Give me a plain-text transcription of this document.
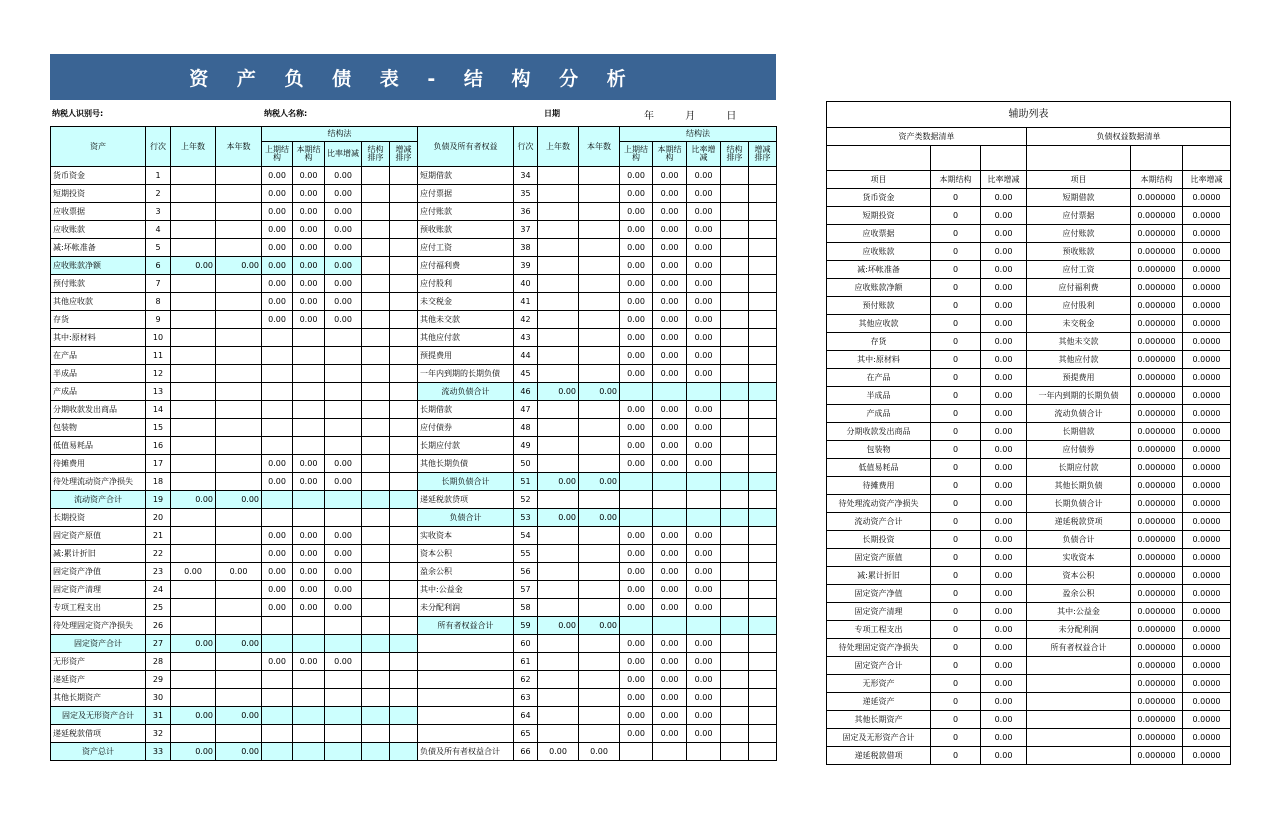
资 产 负 债 表 - 结 构 分 析
纳税人识别号:	纳税人名称:	日期	年	月	日
资产	行次	上年数	本年数	结构法					负债及所有者权益	行次	上年数	本年数	结构法				
				上期结构	本期结构	比率增减	结构排序	增减排序					上期结构	本期结构	比率增减	结构排序	增减排序
货币资金	1			0.00	0.00	0.00			短期借款	34			0.00	0.00	0.00		
短期投资	2			0.00	0.00	0.00			应付票据	35			0.00	0.00	0.00		
应收票据	3			0.00	0.00	0.00			应付账款	36			0.00	0.00	0.00		
应收账款	4			0.00	0.00	0.00			预收账款	37			0.00	0.00	0.00		
减:坏帐准备	5			0.00	0.00	0.00			应付工资	38			0.00	0.00	0.00		
应收账款净额	6	0.00	0.00	0.00	0.00	0.00			应付福利费	39			0.00	0.00	0.00		
预付账款	7			0.00	0.00	0.00			应付股利	40			0.00	0.00	0.00		
其他应收款	8			0.00	0.00	0.00			未交税金	41			0.00	0.00	0.00		
存货	9			0.00	0.00	0.00			其他未交款	42			0.00	0.00	0.00		
其中:原材料	10								其他应付款	43			0.00	0.00	0.00		
在产品	11								预提费用	44			0.00	0.00	0.00		
半成品	12								一年内到期的长期负债	45			0.00	0.00	0.00		
产成品	13								流动负债合计	46	0.00	0.00					
分期收款发出商品	14								长期借款	47			0.00	0.00	0.00		
包装物	15								应付债券	48			0.00	0.00	0.00		
低值易耗品	16								长期应付款	49			0.00	0.00	0.00		
待摊费用	17			0.00	0.00	0.00			其他长期负债	50			0.00	0.00	0.00		
待处理流动资产净损失	18			0.00	0.00	0.00			长期负债合计	51	0.00	0.00					
流动资产合计	19	0.00	0.00						递延税款贷项	52							
长期投资	20								负债合计	53	0.00	0.00					
固定资产原值	21			0.00	0.00	0.00			实收资本	54			0.00	0.00	0.00		
减:累计折旧	22			0.00	0.00	0.00			资本公积	55			0.00	0.00	0.00		
固定资产净值	23	0.00	0.00	0.00	0.00	0.00			盈余公积	56			0.00	0.00	0.00		
固定资产清理	24			0.00	0.00	0.00			其中:公益金	57			0.00	0.00	0.00		
专项工程支出	25			0.00	0.00	0.00			未分配利润	58			0.00	0.00	0.00		
待处理固定资产净损失	26								所有者权益合计	59	0.00	0.00					
固定资产合计	27	0.00	0.00							60			0.00	0.00	0.00		
无形资产	28			0.00	0.00	0.00				61			0.00	0.00	0.00		
递延资产	29									62			0.00	0.00	0.00		
其他长期资产	30									63			0.00	0.00	0.00		
固定及无形资产合计	31	0.00	0.00							64			0.00	0.00	0.00		
递延税款借项	32									65			0.00	0.00	0.00		
资产总计	33	0.00	0.00						负债及所有者权益合计	66	0.00	0.00					
辅助列表					
资产类数据清单			负债权益数据清单		

项目	本期结构	比率增减	项目	本期结构	比率增减
货币资金	0	0.00	短期借款	0.000000	0.0000
短期投资	0	0.00	应付票据	0.000000	0.0000
应收票据	0	0.00	应付账款	0.000000	0.0000
应收账款	0	0.00	预收账款	0.000000	0.0000
减:坏帐准备	0	0.00	应付工资	0.000000	0.0000
应收账款净额	0	0.00	应付福利费	0.000000	0.0000
预付账款	0	0.00	应付股利	0.000000	0.0000
其他应收款	0	0.00	未交税金	0.000000	0.0000
存货	0	0.00	其他未交款	0.000000	0.0000
其中:原材料	0	0.00	其他应付款	0.000000	0.0000
在产品	0	0.00	预提费用	0.000000	0.0000
半成品	0	0.00	一年内到期的长期负债	0.000000	0.0000
产成品	0	0.00	流动负债合计	0.000000	0.0000
分期收款发出商品	0	0.00	长期借款	0.000000	0.0000
包装物	0	0.00	应付债券	0.000000	0.0000
低值易耗品	0	0.00	长期应付款	0.000000	0.0000
待摊费用	0	0.00	其他长期负债	0.000000	0.0000
待处理流动资产净损失	0	0.00	长期负债合计	0.000000	0.0000
流动资产合计	0	0.00	递延税款贷项	0.000000	0.0000
长期投资	0	0.00	负债合计	0.000000	0.0000
固定资产原值	0	0.00	实收资本	0.000000	0.0000
减:累计折旧	0	0.00	资本公积	0.000000	0.0000
固定资产净值	0	0.00	盈余公积	0.000000	0.0000
固定资产清理	0	0.00	其中:公益金	0.000000	0.0000
专项工程支出	0	0.00	未分配利润	0.000000	0.0000
待处理固定资产净损失	0	0.00	所有者权益合计	0.000000	0.0000
固定资产合计	0	0.00		0.000000	0.0000
无形资产	0	0.00		0.000000	0.0000
递延资产	0	0.00		0.000000	0.0000
其他长期资产	0	0.00		0.000000	0.0000
固定及无形资产合计	0	0.00		0.000000	0.0000
递延税款借项	0	0.00		0.000000	0.0000
